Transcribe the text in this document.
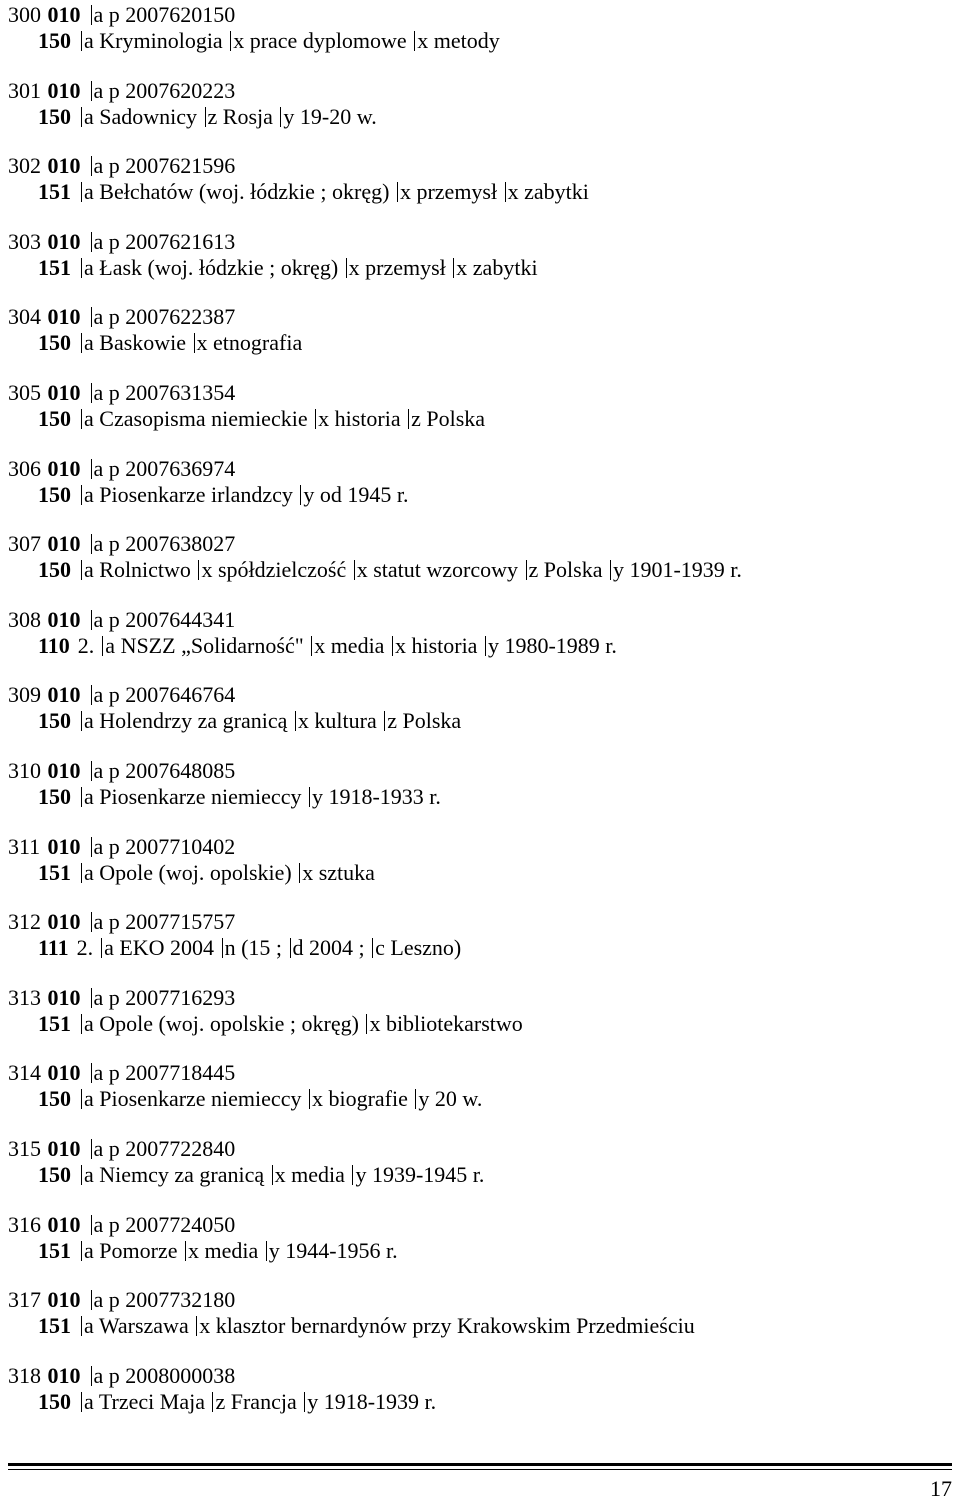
300 010 a p 2007620150
150 a Kryminologia x prace dyplomowe x metody
301 010 a p 2007620223
150 a Sadownicy z Rosja y 19-20 w.
302 010 a p 2007621596
151 a Bełchatów (woj. łódzkie ; okręg) x przemysł x zabytki
303 010 a p 2007621613
151 a Łask (woj. łódzkie ; okręg) x przemysł x zabytki
304 010 a p 2007622387
150 a Baskowie x etnografia
305 010 a p 2007631354
150 a Czasopisma niemieckie x historia z Polska
306 010 a p 2007636974
150 a Piosenkarze irlandzcy y od 1945 r.
307 010 a p 2007638027
150 a Rolnictwo x spółdzielczość x statut wzorcowy z Polska y 1901-1939 r.
308 010 a p 2007644341
110 2. a NSZZ „Solidarność" x media x historia y 1980-1989 r.
309 010 a p 2007646764
150 a Holendrzy za granicą x kultura z Polska
310 010 a p 2007648085
150 a Piosenkarze niemieccy y 1918-1933 r.
311 010 a p 2007710402
151 a Opole (woj. opolskie) x sztuka
312 010 a p 2007715757
111 2. a EKO 2004 n (15 ; d 2004 ; c Leszno)
313 010 a p 2007716293
151 a Opole (woj. opolskie ; okręg) x bibliotekarstwo
314 010 a p 2007718445
150 a Piosenkarze niemieccy x biografie y 20 w.
315 010 a p 2007722840
150 a Niemcy za granicą x media y 1939-1945 r.
316 010 a p 2007724050
151 a Pomorze x media y 1944-1956 r.
317 010 a p 2007732180
151 a Warszawa x klasztor bernardynów przy Krakowskim Przedmieściu
318 010 a p 2008000038
150 a Trzeci Maja z Francja y 1918-1939 r.
17
